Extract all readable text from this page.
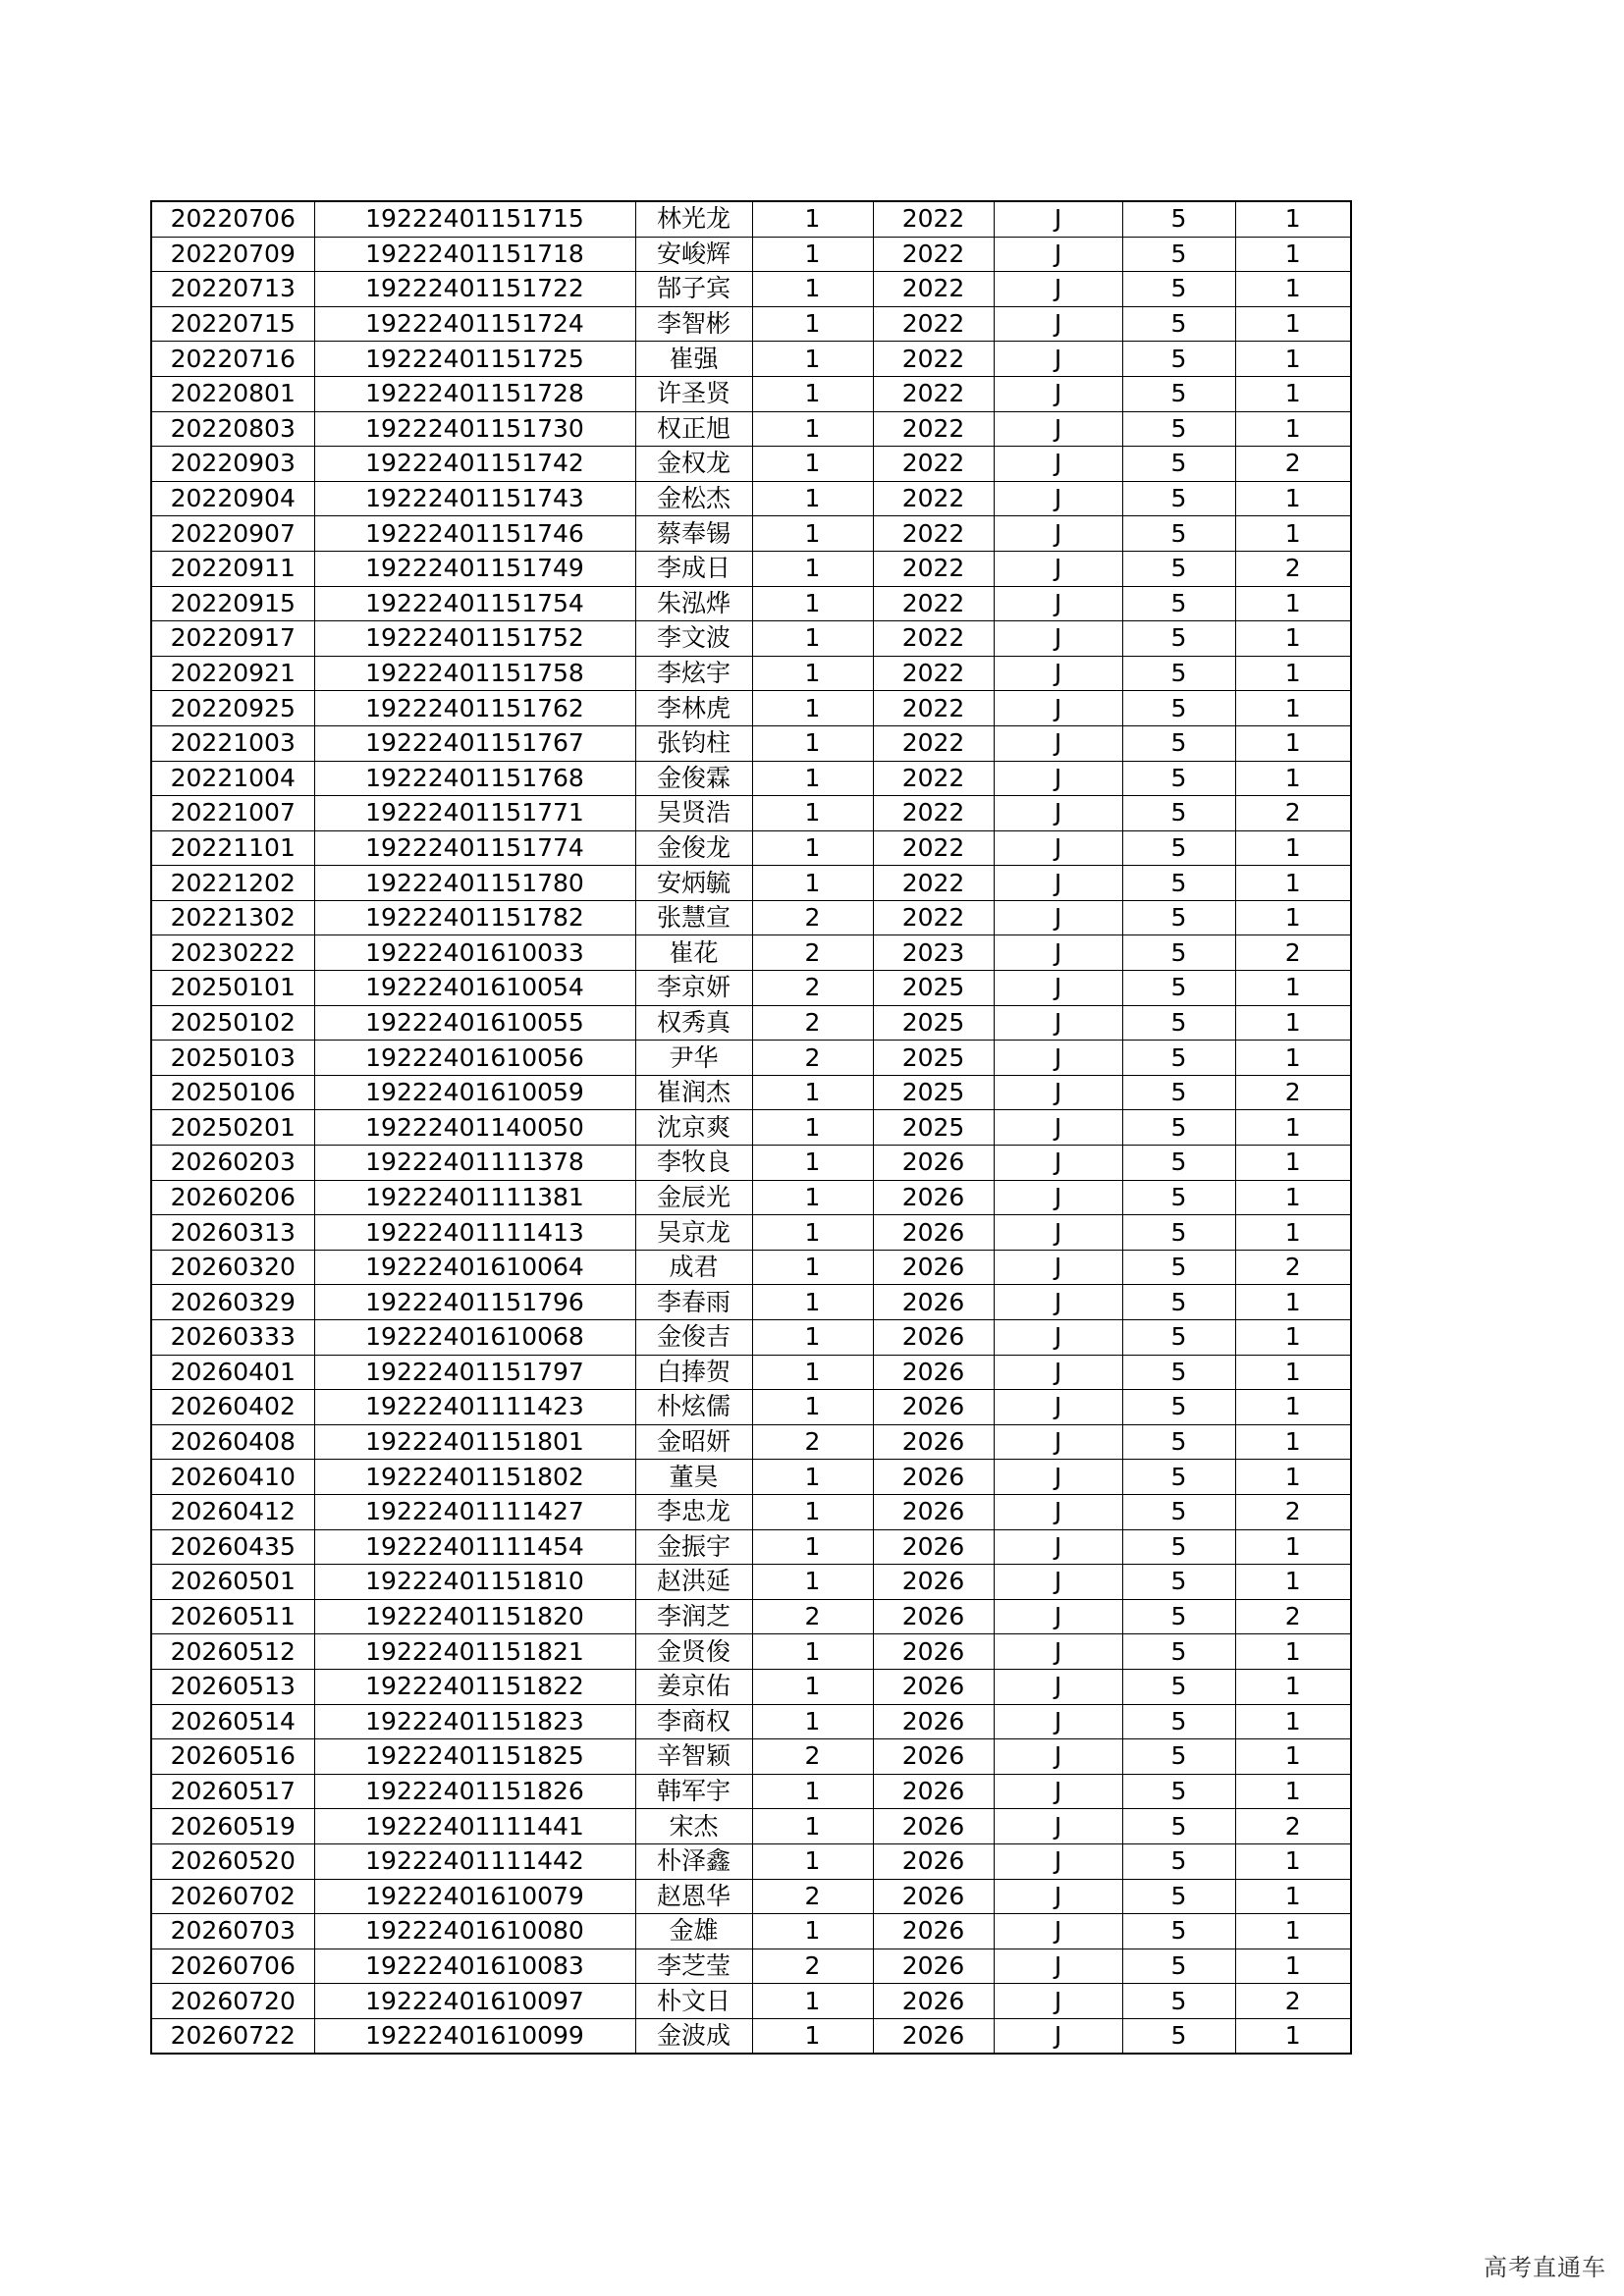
20220706	19222401151715	林光龙	1	2022	J	5	1
20220709	19222401151718	安峻辉	1	2022	J	5	1
20220713	19222401151722	郜子宾	1	2022	J	5	1
20220715	19222401151724	李智彬	1	2022	J	5	1
20220716	19222401151725	崔强	1	2022	J	5	1
20220801	19222401151728	许圣贤	1	2022	J	5	1
20220803	19222401151730	权正旭	1	2022	J	5	1
20220903	19222401151742	金权龙	1	2022	J	5	2
20220904	19222401151743	金松杰	1	2022	J	5	1
20220907	19222401151746	蔡奉锡	1	2022	J	5	1
20220911	19222401151749	李成日	1	2022	J	5	2
20220915	19222401151754	朱泓烨	1	2022	J	5	1
20220917	19222401151752	李文波	1	2022	J	5	1
20220921	19222401151758	李炫宇	1	2022	J	5	1
20220925	19222401151762	李林虎	1	2022	J	5	1
20221003	19222401151767	张钧柱	1	2022	J	5	1
20221004	19222401151768	金俊霖	1	2022	J	5	1
20221007	19222401151771	吴贤浩	1	2022	J	5	2
20221101	19222401151774	金俊龙	1	2022	J	5	1
20221202	19222401151780	安炳毓	1	2022	J	5	1
20221302	19222401151782	张慧宣	2	2022	J	5	1
20230222	19222401610033	崔花	2	2023	J	5	2
20250101	19222401610054	李京妍	2	2025	J	5	1
20250102	19222401610055	权秀真	2	2025	J	5	1
20250103	19222401610056	尹华	2	2025	J	5	1
20250106	19222401610059	崔润杰	1	2025	J	5	2
20250201	19222401140050	沈京爽	1	2025	J	5	1
20260203	19222401111378	李牧良	1	2026	J	5	1
20260206	19222401111381	金辰光	1	2026	J	5	1
20260313	19222401111413	吴京龙	1	2026	J	5	1
20260320	19222401610064	成君	1	2026	J	5	2
20260329	19222401151796	李春雨	1	2026	J	5	1
20260333	19222401610068	金俊吉	1	2026	J	5	1
20260401	19222401151797	白捧贺	1	2026	J	5	1
20260402	19222401111423	朴炫儒	1	2026	J	5	1
20260408	19222401151801	金昭妍	2	2026	J	5	1
20260410	19222401151802	董昊	1	2026	J	5	1
20260412	19222401111427	李忠龙	1	2026	J	5	2
20260435	19222401111454	金振宇	1	2026	J	5	1
20260501	19222401151810	赵洪延	1	2026	J	5	1
20260511	19222401151820	李润芝	2	2026	J	5	2
20260512	19222401151821	金贤俊	1	2026	J	5	1
20260513	19222401151822	姜京佑	1	2026	J	5	1
20260514	19222401151823	李商权	1	2026	J	5	1
20260516	19222401151825	辛智颖	2	2026	J	5	1
20260517	19222401151826	韩军宇	1	2026	J	5	1
20260519	19222401111441	宋杰	1	2026	J	5	2
20260520	19222401111442	朴泽鑫	1	2026	J	5	1
20260702	19222401610079	赵恩华	2	2026	J	5	1
20260703	19222401610080	金雄	1	2026	J	5	1
20260706	19222401610083	李芝莹	2	2026	J	5	1
20260720	19222401610097	朴文日	1	2026	J	5	2
20260722	19222401610099	金波成	1	2026	J	5	1
高考直通车
